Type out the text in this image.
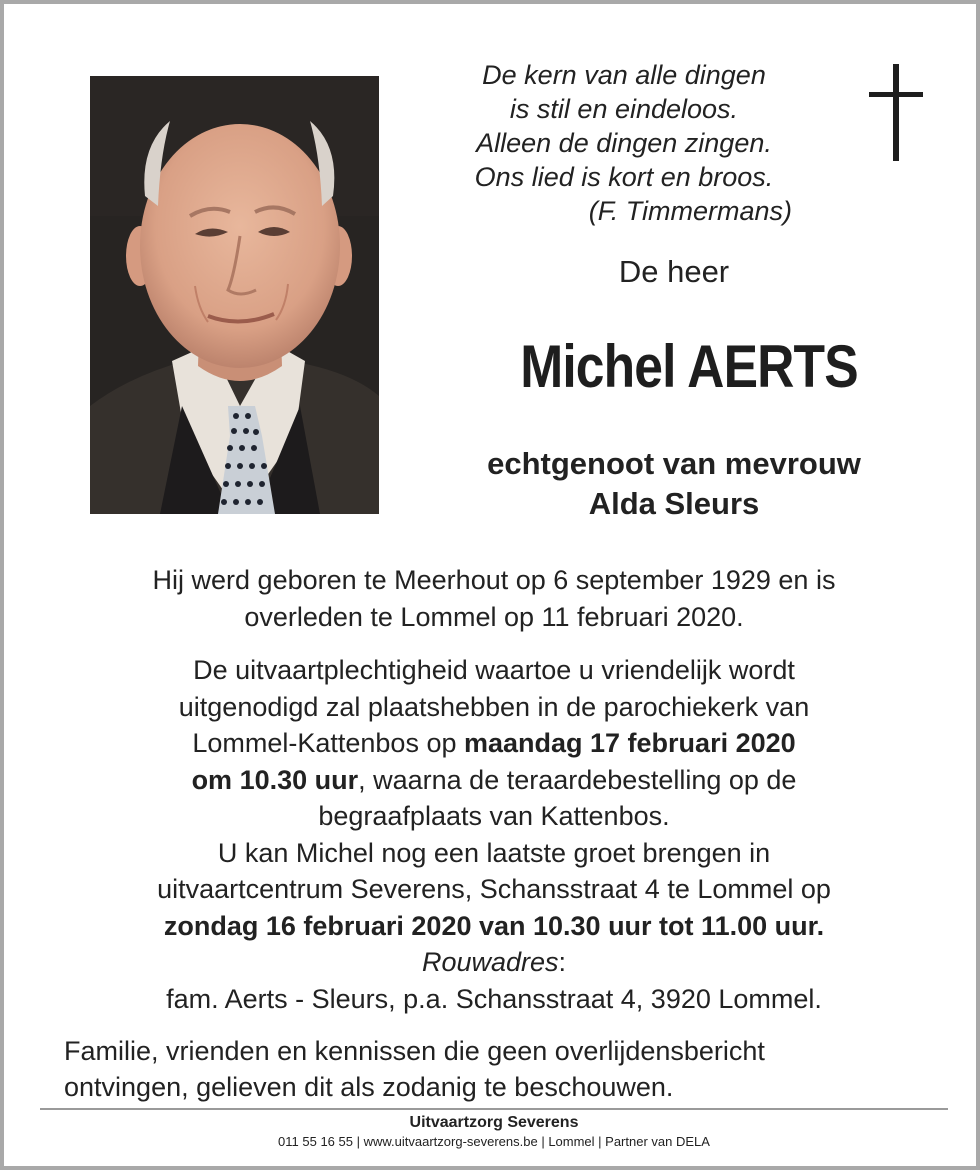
De kern van alle dingen
is stil en eindeloos.
Alleen de dingen zingen.
Ons lied is kort en broos.
(F. Timmermans)
De heer
Michel AERTS
echtgenoot van mevrouw
Alda Sleurs
Hij werd geboren te Meerhout op 6 september 1929 en is
overleden te Lommel op 11 februari 2020.
De uitvaartplechtigheid waartoe u vriendelijk wordt
uitgenodigd zal plaatshebben in de parochiekerk van
Lommel-Kattenbos op maandag 17 februari 2020
om 10.30 uur, waarna de teraardebestelling op de
begraafplaats van Kattenbos.
U kan Michel nog een laatste groet brengen in
uitvaartcentrum Severens, Schansstraat 4 te Lommel op
zondag 16 februari 2020 van 10.30 uur tot 11.00 uur.
Rouwadres:
fam. Aerts - Sleurs, p.a. Schansstraat 4, 3920 Lommel.
Familie, vrienden en kennissen die geen overlijdensbericht
ontvingen, gelieven dit als zodanig te beschouwen.
Uitvaartzorg Severens
011 55 16 55 | www.uitvaartzorg-severens.be | Lommel | Partner van DELA
